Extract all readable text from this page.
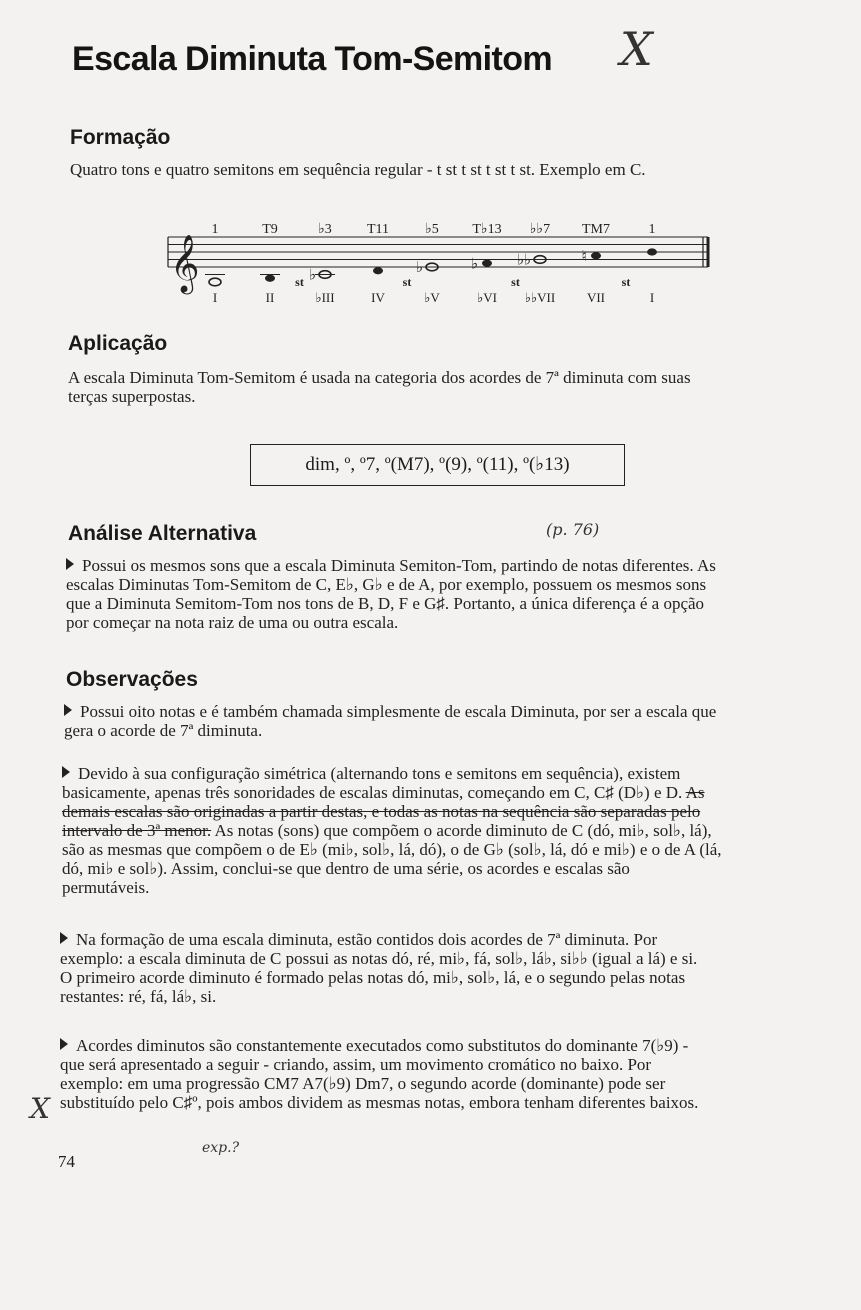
Escala Diminuta Tom-Semitom
Formação

Quatro tons e quatro semitons em sequência regular - t st t st t st t st. Exemplo em C.

𝄞
1	T9	♭3	T11	♭5 T♭13 ♭♭7 TM7	1
I	II	♭III	IV	♭V	♭VI ♭♭VII VII	I
st	st	st	st
♭	♭	♭	♭♭	♮
Aplicação

A escala Diminuta Tom-Semitom é usada na categoria dos acordes de 7ª diminuta com suas

terças superpostas.

dim, º, º7, º(M7), º(9), º(11), º(♭13)
Análise Alternativa

Possui os mesmos sons que a escala Diminuta Semiton-Tom, partindo de notas diferentes. As

escalas Diminutas Tom-Semitom de C, E♭, G♭ e de A, por exemplo, possuem os mesmos sons

que a Diminuta Semitom-Tom nos tons de B, D, F e G♯. Portanto, a única diferença é a opção

por começar na nota raiz de uma ou outra escala.

Observações

Possui oito notas e é também chamada simplesmente de escala Diminuta, por ser a escala que

gera o acorde de 7ª diminuta.

Devido à sua configuração simétrica (alternando tons e semitons em sequência), existem

basicamente, apenas três sonoridades de escalas diminutas, começando em C, C♯ (D♭) e D. As

demais escalas são originadas a partir destas, e todas as notas na sequência são separadas pelo

intervalo de 3ª menor. As notas (sons) que compõem o acorde diminuto de C (dó, mi♭, sol♭, lá),

são as mesmas que compõem o de E♭ (mi♭, sol♭, lá, dó), o de G♭ (sol♭, lá, dó e mi♭) e o de A (lá,

dó, mi♭ e sol♭). Assim, conclui-se que dentro de uma série, os acordes e escalas são

permutáveis.

Na formação de uma escala diminuta, estão contidos dois acordes de 7ª diminuta. Por

exemplo: a escala diminuta de C possui as notas dó, ré, mi♭, fá, sol♭, lá♭, si♭♭ (igual a lá) e si.

O primeiro acorde diminuto é formado pelas notas dó, mi♭, sol♭, lá, e o segundo pelas notas

restantes: ré, fá, lá♭, si.

Acordes diminutos são constantemente executados como substitutos do dominante 7(♭9) -

que será apresentado a seguir - criando, assim, um movimento cromático no baixo. Por

exemplo: em uma progressão CM7 A7(♭9) Dm7, o segundo acorde (dominante) pode ser

substituído pelo C♯º, pois ambos dividem as mesmas notas, embora tenham diferentes baixos.

74
X
(p. 76)
X
exp.?
